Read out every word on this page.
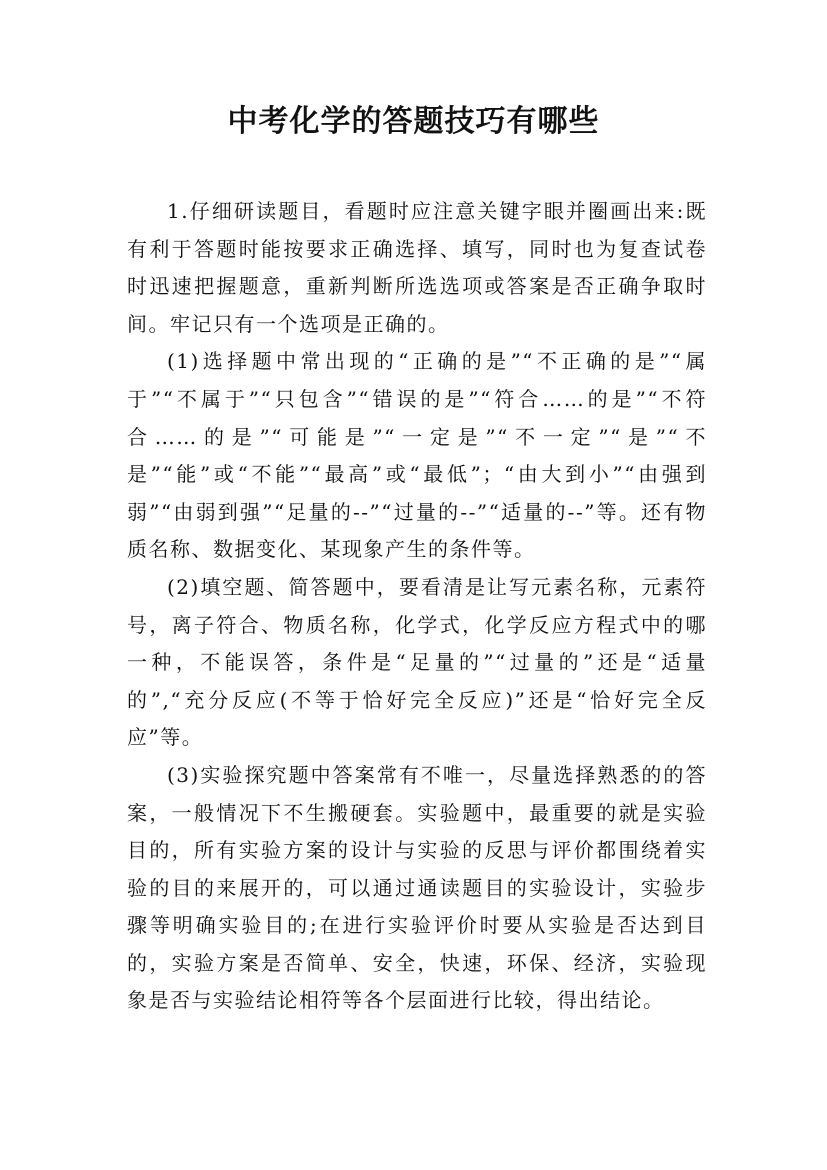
中考化学的答题技巧有哪些

1.仔细研读题目，看题时应注意关键字眼并圈画出来:既有利于答题时能按要求正确选择、填写，同时也为复查试卷时迅速把握题意，重新判断所选选项或答案是否正确争取时间。牢记只有一个选项是正确的。

(1)选择题中常出现的“正确的是”“不正确的是”“属于”“不属于”“只包含”“错误的是”“符合……的是”“不符合……的是”“可能是”“一定是”“不一定”“是”“不是”“能”或“不能”“最高”或“最低”；“由大到小”“由强到弱”“由弱到强”“足量的--”“过量的--”“适量的--”等。还有物质名称、数据变化、某现象产生的条件等。

(2)填空题、简答题中，要看清是让写元素名称，元素符号，离子符合、物质名称，化学式，化学反应方程式中的哪一种，不能误答，条件是“足量的”“过量的”还是“适量的”,“充分反应(不等于恰好完全反应)”还是“恰好完全反应”等。

(3)实验探究题中答案常有不唯一，尽量选择熟悉的的答案，一般情况下不生搬硬套。实验题中，最重要的就是实验目的，所有实验方案的设计与实验的反思与评价都围绕着实验的目的来展开的，可以通过通读题目的实验设计，实验步骤等明确实验目的;在进行实验评价时要从实验是否达到目的，实验方案是否简单、安全，快速，环保、经济，实验现象是否与实验结论相符等各个层面进行比较，得出结论。
